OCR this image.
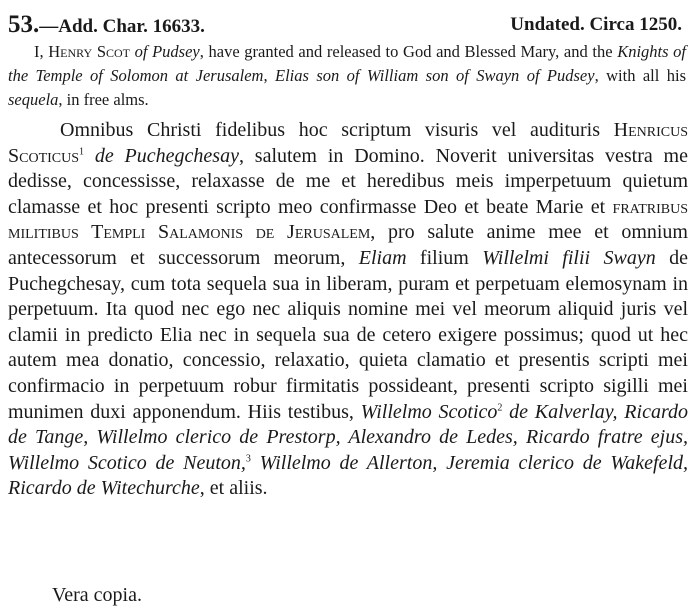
53.—Add. Char. 16633.	Undated. Circa 1250.

I, Henry Scot of Pudsey, have granted and released to God and Blessed Mary, and the Knights of the Temple of Solomon at Jerusalem, Elias son of William son of Swayn of Pudsey, with all his sequela, in free alms.

Omnibus Christi fidelibus hoc scriptum visuris vel audituris Henricus Scoticus$^1$ de Puchegchesay, salutem in Domino. Noverit universitas vestra me dedisse, concessisse, relaxasse de me et heredibus meis imperpetuum quietum clamasse et hoc presenti scripto meo confirmasse Deo et beate Marie et fratribus militibus Templi Salamonis de Jerusalem, pro salute anime mee et omnium antecessorum et successorum meorum, Eliam filium Willelmi filii Swayn de Puchegchesay, cum tota sequela sua in liberam, puram et perpetuam elemosynam in perpetuum. Ita quod nec ego nec aliquis nomine mei vel meorum aliquid juris vel clamii in predicto Elia nec in sequela sua de cetero exigere possimus; quod ut hec autem mea donatio, concessio, relaxatio, quieta clamatio et presentis scripti mei confirmacio in perpetuum robur firmitatis possideant, presenti scripto sigilli mei munimen duxi apponendum. Hiis testibus, Willelmo Scotico$^2$ de Kalverlay, Ricardo de Tange, Willelmo clerico de Prestorp, Alexandro de Ledes, Ricardo fratre ejus, Willelmo Scotico de Neuton,$^3$ Willelmo de Allerton, Jeremia clerico de Wakefeld, Ricardo de Witechurche, et aliis.

Vera copia.
